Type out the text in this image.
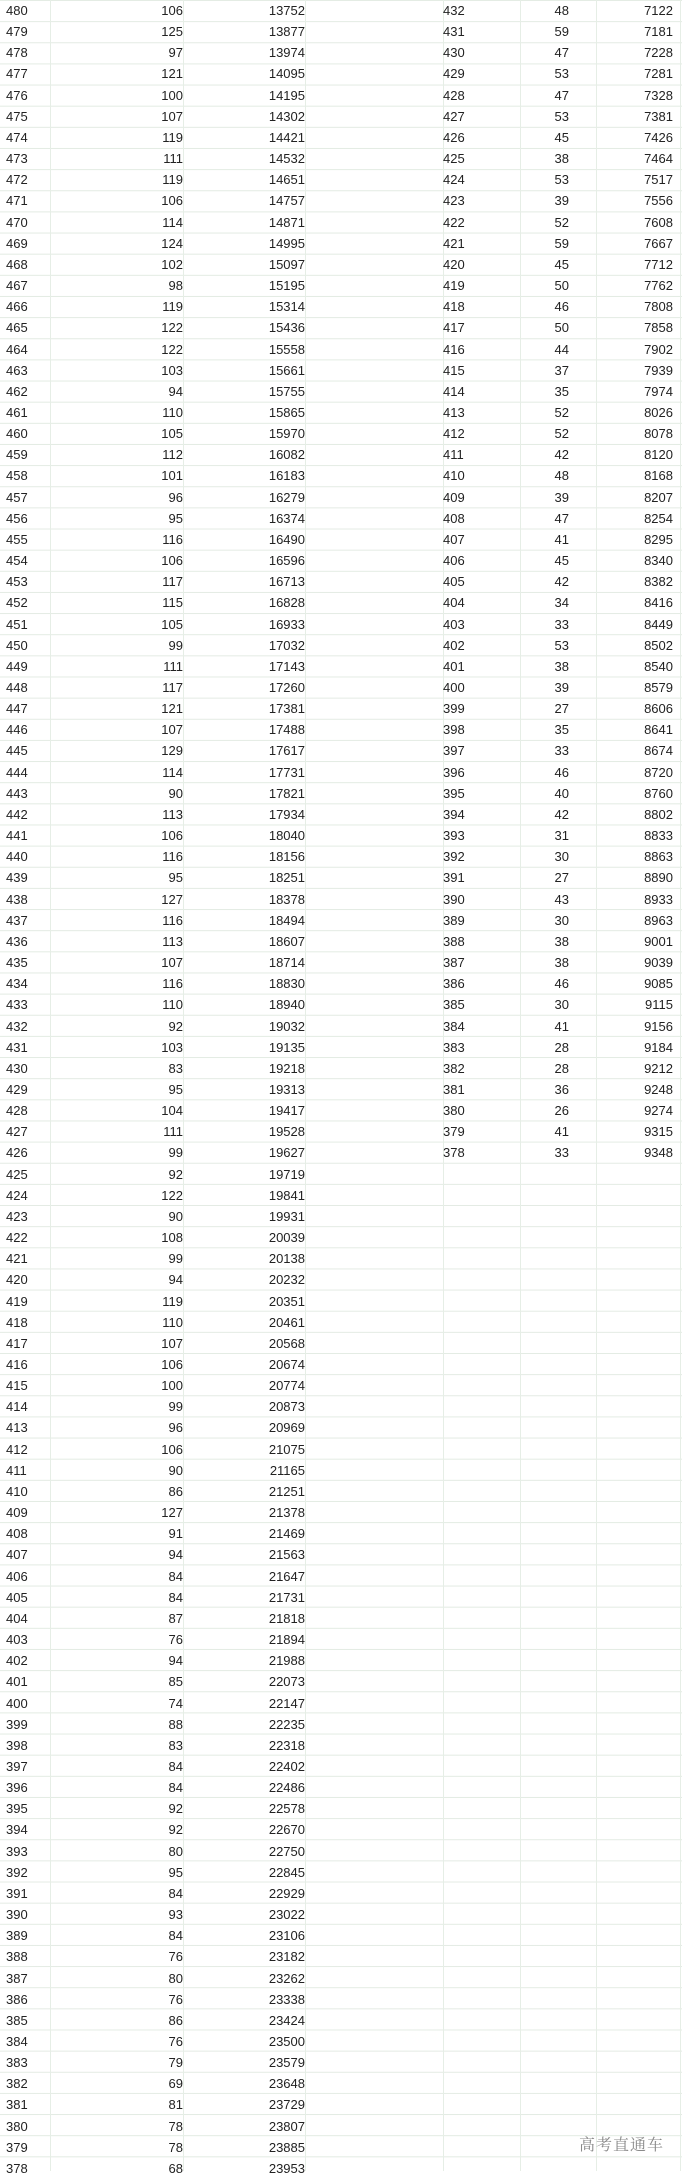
480	106	13752
479	125	13877
478	97	13974
477	121	14095
476	100	14195
475	107	14302
474	119	14421
473	111	14532
472	119	14651
471	106	14757
470	114	14871
469	124	14995
468	102	15097
467	98	15195
466	119	15314
465	122	15436
464	122	15558
463	103	15661
462	94	15755
461	110	15865
460	105	15970
459	112	16082
458	101	16183
457	96	16279
456	95	16374
455	116	16490
454	106	16596
453	117	16713
452	115	16828
451	105	16933
450	99	17032
449	111	17143
448	117	17260
447	121	17381
446	107	17488
445	129	17617
444	114	17731
443	90	17821
442	113	17934
441	106	18040
440	116	18156
439	95	18251
438	127	18378
437	116	18494
436	113	18607
435	107	18714
434	116	18830
433	110	18940
432	92	19032
431	103	19135
430	83	19218
429	95	19313
428	104	19417
427	111	19528
426	99	19627
425	92	19719
424	122	19841
423	90	19931
422	108	20039
421	99	20138
420	94	20232
419	119	20351
418	110	20461
417	107	20568
416	106	20674
415	100	20774
414	99	20873
413	96	20969
412	106	21075
411	90	21165
410	86	21251
409	127	21378
408	91	21469
407	94	21563
406	84	21647
405	84	21731
404	87	21818
403	76	21894
402	94	21988
401	85	22073
400	74	22147
399	88	22235
398	83	22318
397	84	22402
396	84	22486
395	92	22578
394	92	22670
393	80	22750
392	95	22845
391	84	22929
390	93	23022
389	84	23106
388	76	23182
387	80	23262
386	76	23338
385	86	23424
384	76	23500
383	79	23579
382	69	23648
381	81	23729
380	78	23807
379	78	23885
378	68	23953
432	48	7122
431	59	7181
430	47	7228
429	53	7281
428	47	7328
427	53	7381
426	45	7426
425	38	7464
424	53	7517
423	39	7556
422	52	7608
421	59	7667
420	45	7712
419	50	7762
418	46	7808
417	50	7858
416	44	7902
415	37	7939
414	35	7974
413	52	8026
412	52	8078
411	42	8120
410	48	8168
409	39	8207
408	47	8254
407	41	8295
406	45	8340
405	42	8382
404	34	8416
403	33	8449
402	53	8502
401	38	8540
400	39	8579
399	27	8606
398	35	8641
397	33	8674
396	46	8720
395	40	8760
394	42	8802
393	31	8833
392	30	8863
391	27	8890
390	43	8933
389	30	8963
388	38	9001
387	38	9039
386	46	9085
385	30	9115
384	41	9156
383	28	9184
382	28	9212
381	36	9248
380	26	9274
379	41	9315
378	33	9348
高考直通车
